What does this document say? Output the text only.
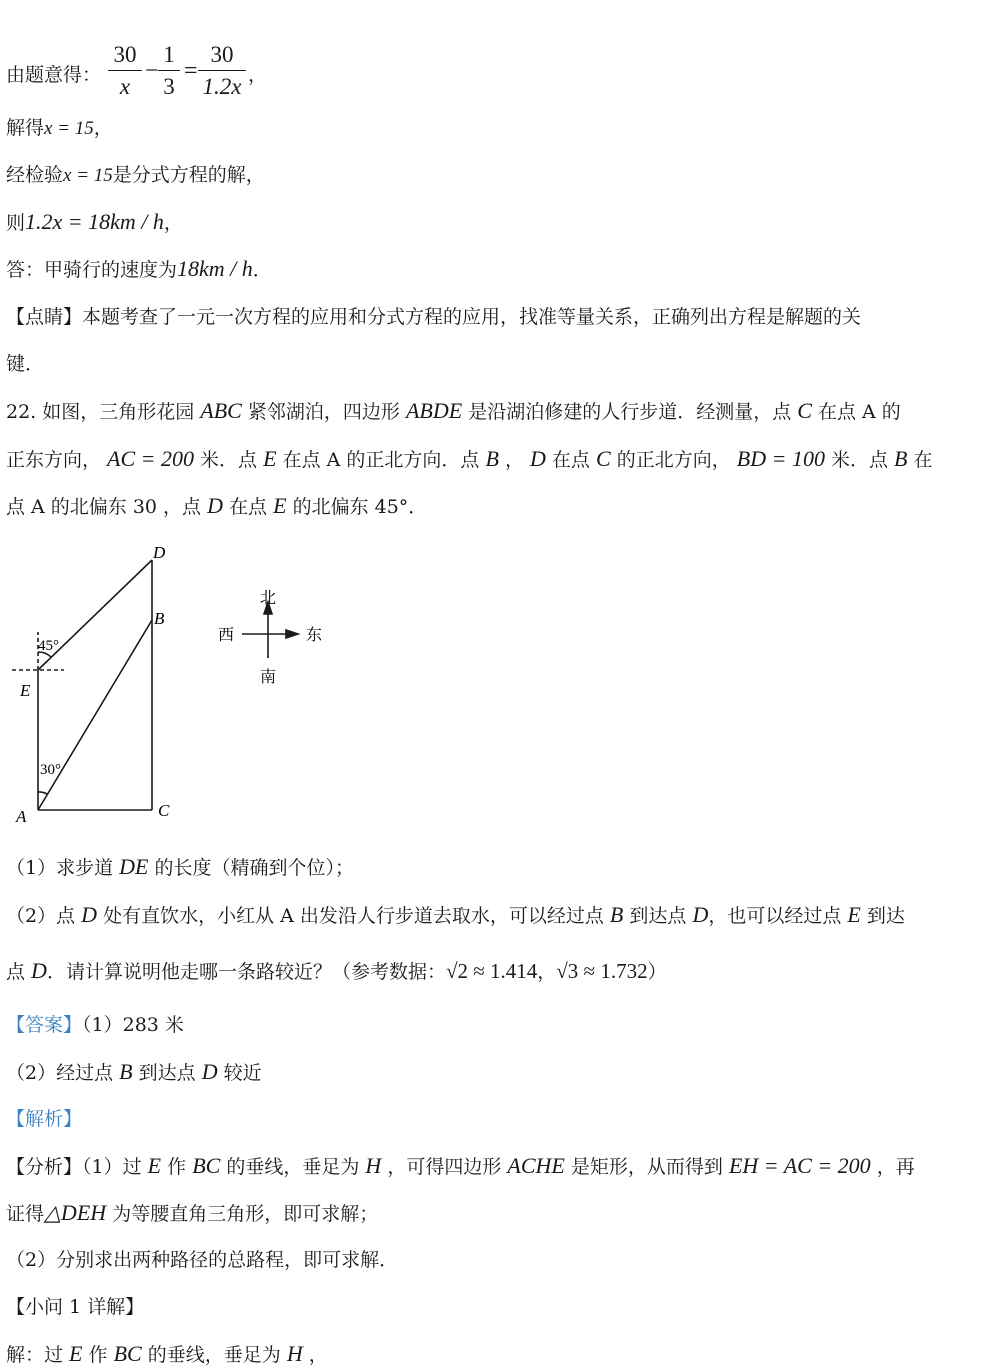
由题意得： $\frac{30}{x} - \frac{1}{3} = \frac{30}{1.2x}$ ，
解得x = 15，
经检验x = 15是分式方程的解，
则1.2x = 18km / h，
答：甲骑行的速度为18km / h．
【点睛】本题考查了一元一次方程的应用和分式方程的应用，找准等量关系，正确列出方程是解题的关
键．
22. 如图，三角形花园 ABC 紧邻湖泊，四边形 ABDE 是沿湖泊修建的人行步道．经测量，点 C 在点 A 的
正东方向， AC = 200 米．点 E 在点 A 的正北方向．点 B ， D 在点 C 的正北方向， BD = 100 米．点 B 在
点 A 的北偏东 30 ，点 D 在点 E 的北偏东 45°．
D
B
E
A	C
45°
30°
北
南
西	东
（1）求步道 DE 的长度（精确到个位）；
（2）点 D 处有直饮水，小红从 A 出发沿人行步道去取水，可以经过点 B 到达点 D，也可以经过点 E 到达
点 D．请计算说明他走哪一条路较近？（参考数据：√2 ≈ 1.414，√3 ≈ 1.732）
【答案】（1）283 米
（2）经过点 B 到达点 D 较近
【解析】
【分析】（1）过 E 作 BC 的垂线，垂足为 H ，可得四边形 ACHE 是矩形，从而得到 EH = AC = 200 ，再
证得△DEH 为等腰直角三角形，即可求解；
（2）分别求出两种路径的总路程，即可求解．
【小问 1 详解】
解：过 E 作 BC 的垂线，垂足为 H ，
